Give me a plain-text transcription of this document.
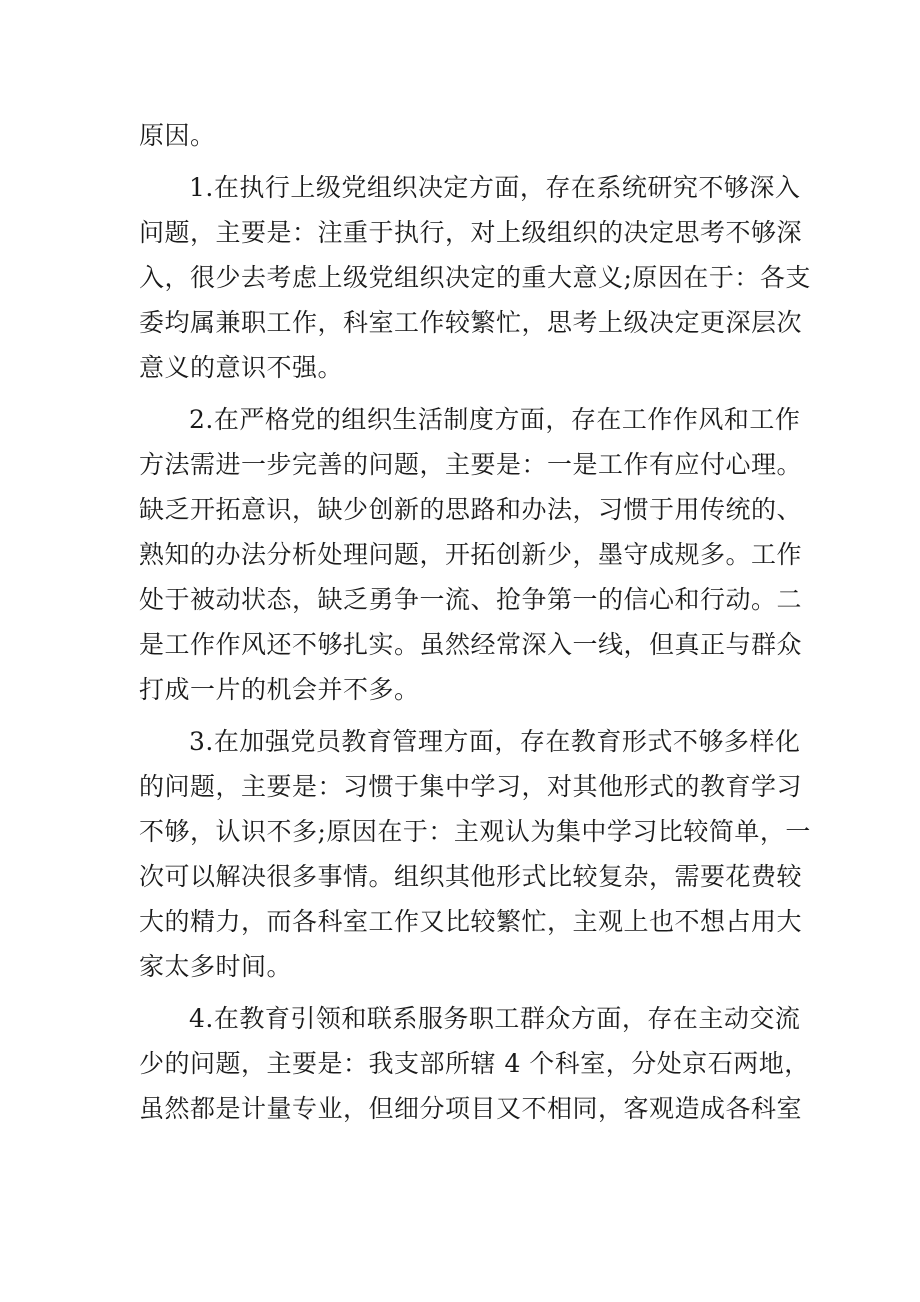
原因。

1.在执行上级党组织决定方面，存在系统研究不够深入
问题，主要是：注重于执行，对上级组织的决定思考不够深
入，很少去考虑上级党组织决定的重大意义;原因在于：各支
委均属兼职工作，科室工作较繁忙，思考上级决定更深层次
意义的意识不强。

2.在严格党的组织生活制度方面，存在工作作风和工作
方法需进一步完善的问题，主要是：一是工作有应付心理。
缺乏开拓意识，缺少创新的思路和办法，习惯于用传统的、
熟知的办法分析处理问题，开拓创新少，墨守成规多。工作
处于被动状态，缺乏勇争一流、抢争第一的信心和行动。二
是工作作风还不够扎实。虽然经常深入一线，但真正与群众
打成一片的机会并不多。

3.在加强党员教育管理方面，存在教育形式不够多样化
的问题，主要是：习惯于集中学习，对其他形式的教育学习
不够，认识不多;原因在于：主观认为集中学习比较简单，一
次可以解决很多事情。组织其他形式比较复杂，需要花费较
大的精力，而各科室工作又比较繁忙，主观上也不想占用大
家太多时间。

4.在教育引领和联系服务职工群众方面，存在主动交流
少的问题，主要是：我支部所辖 4 个科室，分处京石两地，
虽然都是计量专业，但细分项目又不相同，客观造成各科室
